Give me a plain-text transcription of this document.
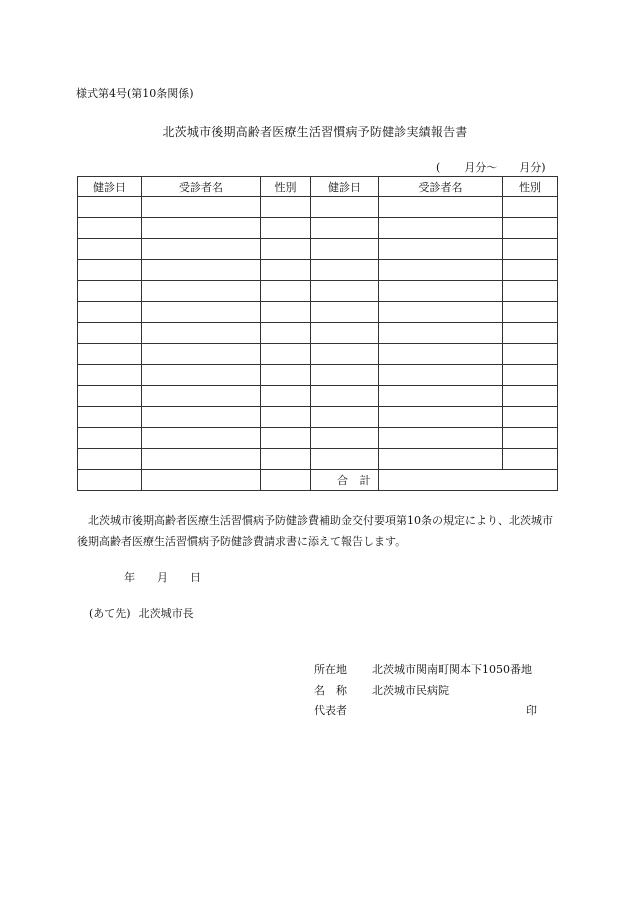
様式第4号(第10条関係)
北茨城市後期高齢者医療生活習慣病予防健診実績報告書
( 月分〜 月分)
健診日	受診者名	性別	健診日	受診者名	性別

			合 計		
北茨城市後期高齢者医療生活習慣病予防健診費補助金交付要項第10条の規定により、北茨城市後期高齢者医療生活習慣病予防健診費請求書に添えて報告します。
年 月 日
(あて先) 北茨城市長
所在地 北茨城市関南町関本下1050番地
名　称 北茨城市民病院
代表者	印
